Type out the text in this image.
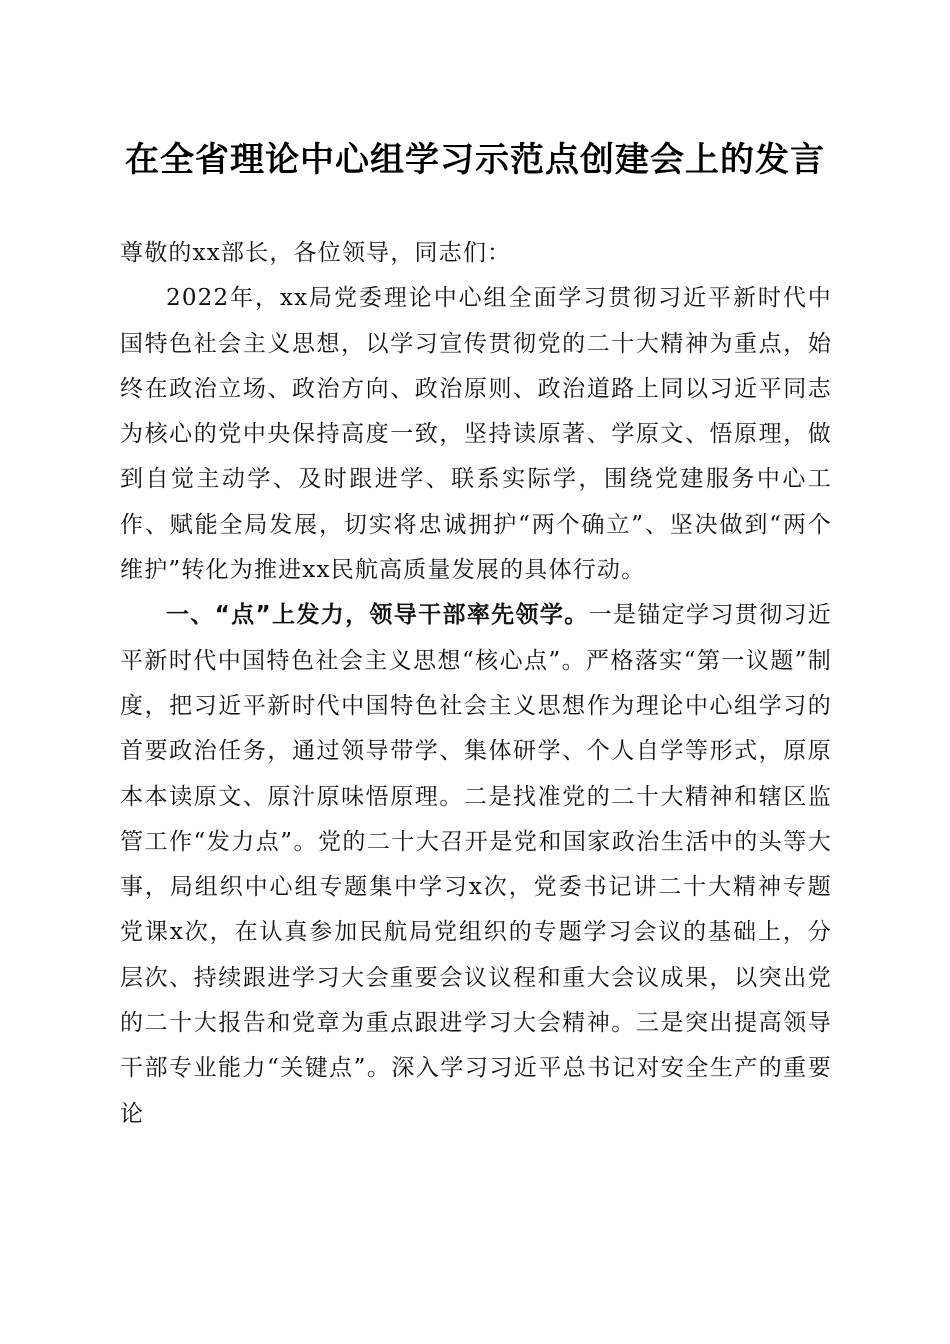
在全省理论中心组学习示范点创建会上的发言

尊敬的xx部长，各位领导，同志们：

2022年，xx局党委理论中心组全面学习贯彻习近平新时代中国特色社会主义思想，以学习宣传贯彻党的二十大精神为重点，始终在政治立场、政治方向、政治原则、政治道路上同以习近平同志为核心的党中央保持高度一致，坚持读原著、学原文、悟原理，做到自觉主动学、及时跟进学、联系实际学，围绕党建服务中心工作、赋能全局发展，切实将忠诚拥护“两个确立”、坚决做到“两个维护”转化为推进xx民航高质量发展的具体行动。

一、“点”上发力，领导干部率先领学。一是锚定学习贯彻习近平新时代中国特色社会主义思想“核心点”。严格落实“第一议题”制度，把习近平新时代中国特色社会主义思想作为理论中心组学习的首要政治任务，通过领导带学、集体研学、个人自学等形式，原原本本读原文、原汁原味悟原理。二是找准党的二十大精神和辖区监管工作“发力点”。党的二十大召开是党和国家政治生活中的头等大事，局组织中心组专题集中学习x次，党委书记讲二十大精神专题党课x次，在认真参加民航局党组织的专题学习会议的基础上，分层次、持续跟进学习大会重要会议议程和重大会议成果，以突出党的二十大报告和党章为重点跟进学习大会精神。三是突出提高领导干部专业能力“关键点”。深入学习习近平总书记对安全生产的重要论
